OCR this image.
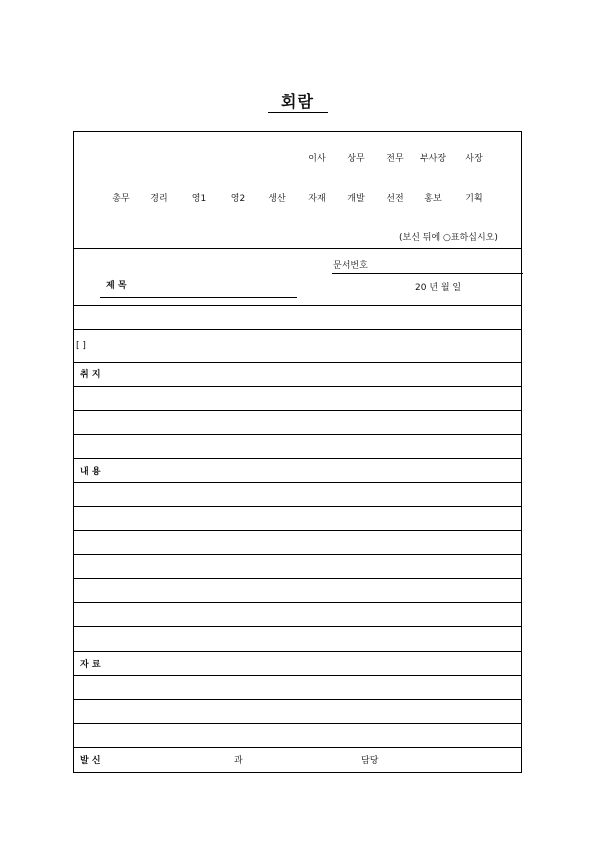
회람
이사 상무 전무 부사장 사장
총무 경리	영1	영2	생산	자재 개발 선전 홍보	기획
(보신 뒤에 ○표하십시오)
문서번호
제 목	20 년 월 일
[ ]
취 지
내 용
자 료
발 신	과	담당
